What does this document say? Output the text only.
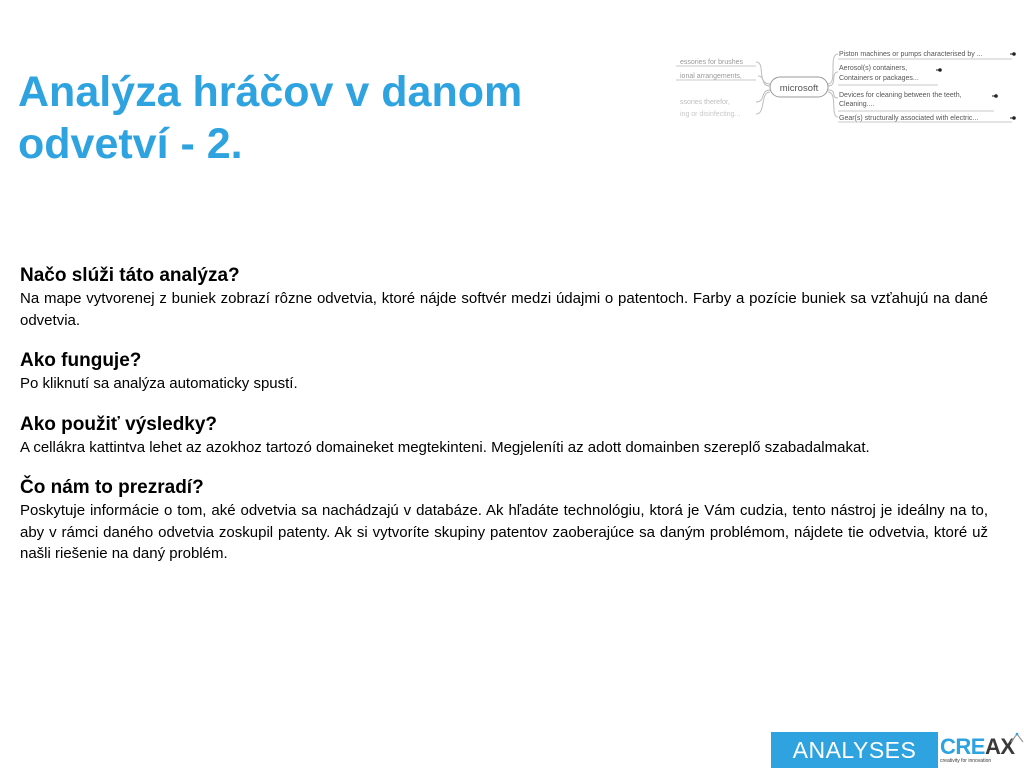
Analýza hráčov v danom
odvetví - 2.
microsoft
essories for brushes
ional arrangements,
ssories therefor,
ing or disinfecting...
Piston machines or pumps characterised by ...
Aerosol(s) containers,
Containers or packages...
Devices for cleaning between the teeth,
Cleaning....
Gear(s) structurally associated with electric...
Načo slúži táto analýza?

Na mape vytvorenej z buniek zobrazí rôzne odvetvia, ktoré nájde softvér medzi údajmi o patentoch. Farby a pozície buniek sa vzťahujú na dané odvetvia.

Ako funguje?

Po kliknutí sa analýza automaticky spustí.

Ako použiť výsledky?

A cellákra kattintva lehet az azokhoz tartozó domaineket megtekinteni. Megjeleníti az adott domainben szereplő szabadalmakat.

Čo nám to prezradí?

Poskytuje informácie o tom, aké odvetvia sa nachádzajú v databáze. Ak hľadáte technológiu, ktorá je Vám cudzia, tento nástroj je ideálny na to, aby v rámci daného odvetvia zoskupil patenty. Ak si vytvoríte skupiny patentov zaoberajúce sa daným problémom, nájdete tie odvetvia, ktoré už našli riešenie na daný problém.

ANALYSES	CREAX
creativity for innovation
